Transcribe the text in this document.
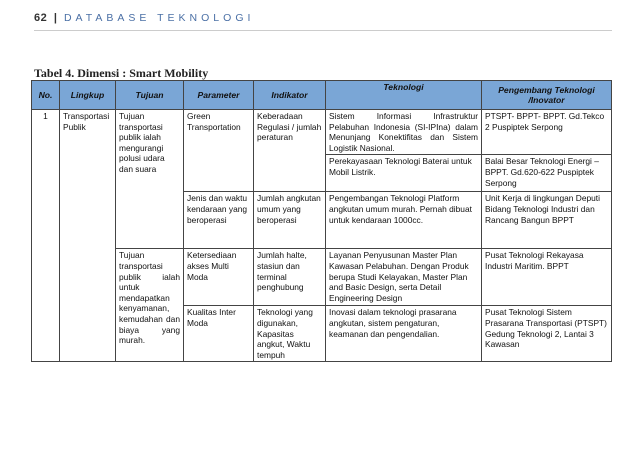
62 | DATABASE TEKNOLOGI
Tabel 4. Dimensi : Smart Mobility
No.	Lingkup	Tujuan	Parameter	Indikator	Teknologi	Pengembang Teknologi /Inovator
1	Transportasi Publik	Tujuan transportasi publik ialah mengurangi polusi udara dan suara	Green Transportation	Keberadaan Regulasi / jumlah peraturan	Sistem Informasi Infrastruktur Pelabuhan Indonesia (SI-IPIna) dalam Menunjang Konektifitas dan Sistem Logistik Nasional.	PTSPT- BPPT- BPPT. Gd.Tekco 2 Puspiptek Serpong
					Perekayasaan Teknologi Baterai untuk Mobil Listrik.	Balai Besar Teknologi Energi – BPPT. Gd.620-622 Puspiptek Serpong
			Jenis dan waktu kendaraan yang beroperasi	Jumlah angkutan umum yang beroperasi	Pengembangan Teknologi Platform angkutan umum murah. Pernah dibuat untuk kendaraan 1000cc.	Unit Kerja di lingkungan Deputi Bidang Teknologi Industri dan Rancang Bangun BPPT
		Tujuan transportasi publik ialah untuk mendapatkan kenyamanan, kemudahan dan biaya yang murah.	Ketersediaan akses Multi Moda	Jumlah halte, stasiun dan terminal penghubung	Layanan Penyusunan Master Plan Kawasan Pelabuhan. Dengan Produk berupa Studi Kelayakan, Master Plan and Basic Design, serta Detail Engineering Design	Pusat Teknologi Rekayasa Industri Maritim. BPPT
			Kualitas Inter Moda	Teknologi yang digunakan, Kapasitas angkut, Waktu tempuh	Inovasi dalam teknologi prasarana angkutan, sistem pengaturan, keamanan dan pengendalian.	Pusat Teknologi Sistem Prasarana Transportasi (PTSPT) Gedung Teknologi 2, Lantai 3 Kawasan
